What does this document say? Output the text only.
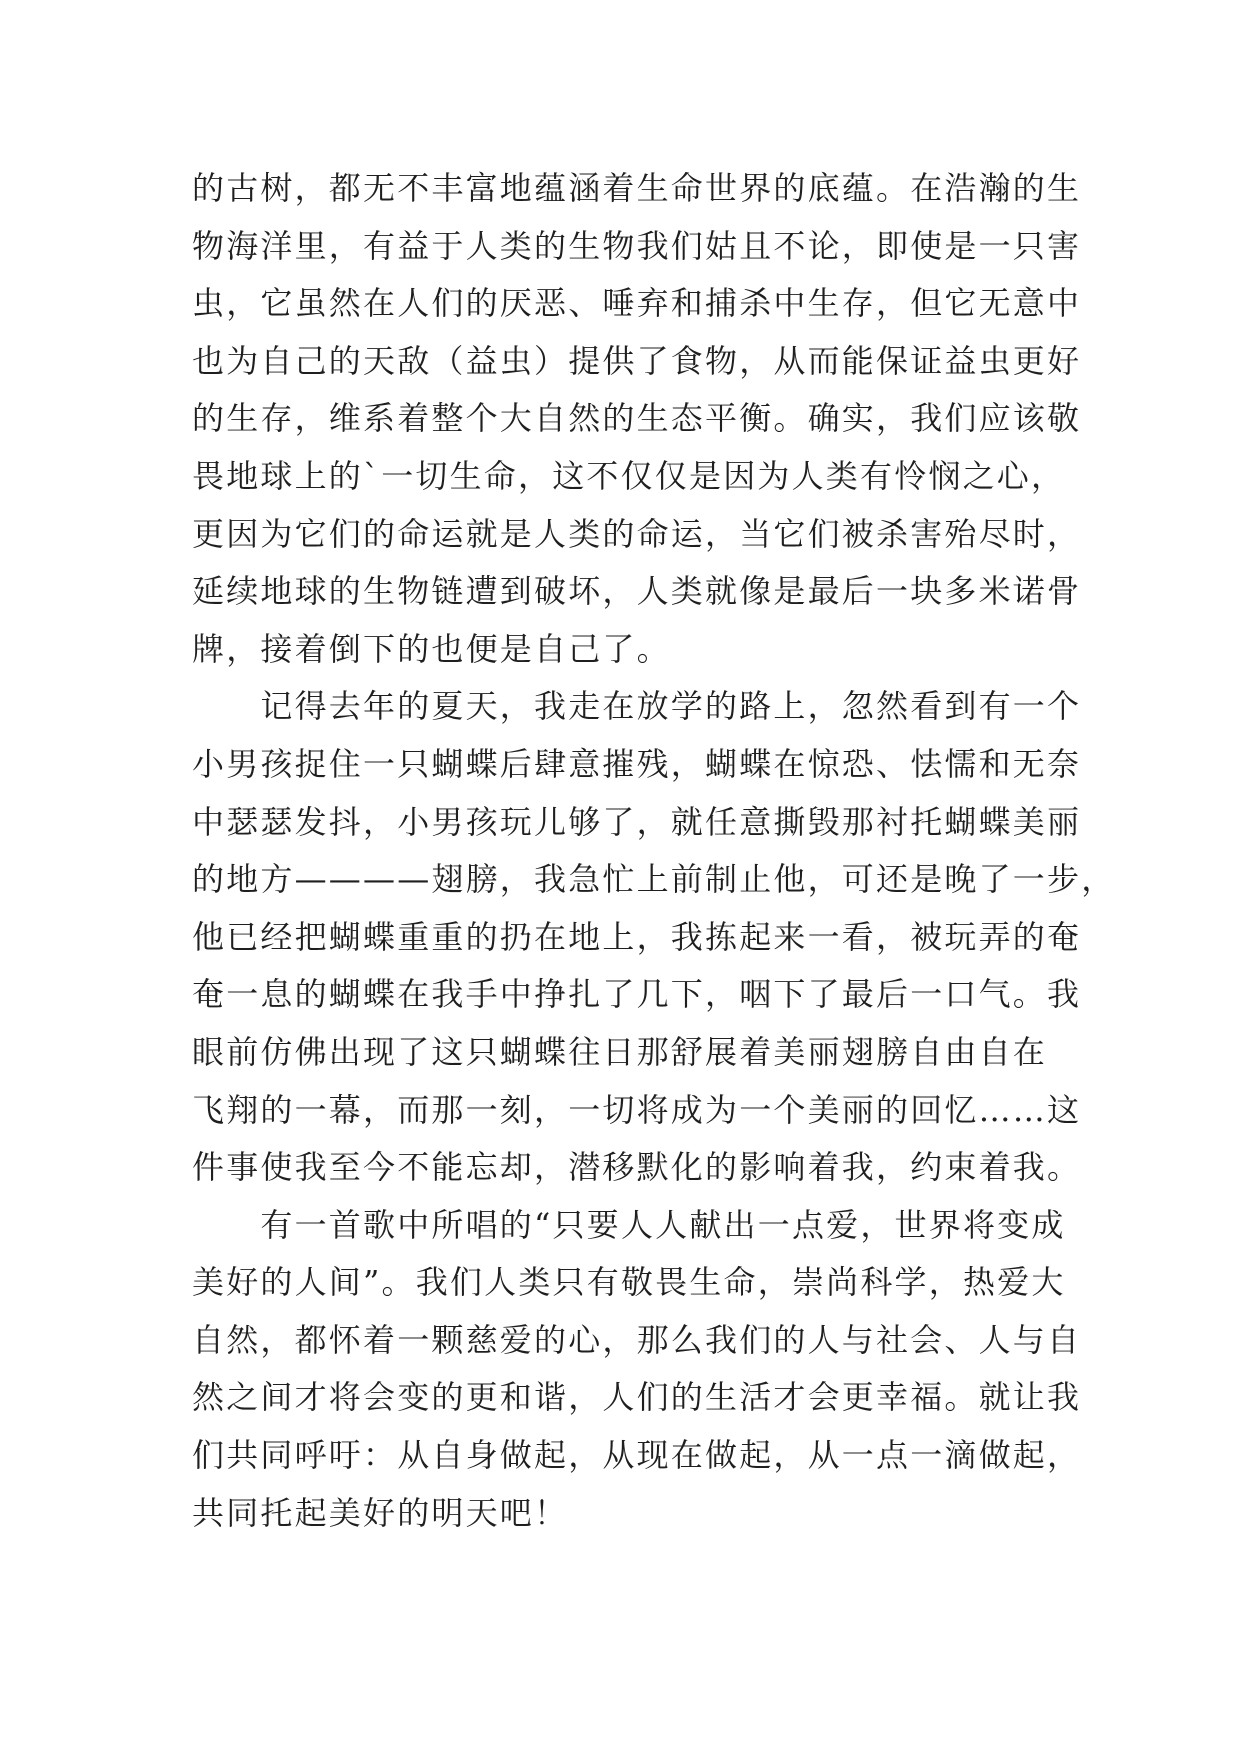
的古树，都无不丰富地蕴涵着生命世界的底蕴。在浩瀚的生
物海洋里，有益于人类的生物我们姑且不论，即使是一只害
虫，它虽然在人们的厌恶、唾弃和捕杀中生存，但它无意中
也为自己的天敌（益虫）提供了食物，从而能保证益虫更好
的生存，维系着整个大自然的生态平衡。确实，我们应该敬
畏地球上的`一切生命，这不仅仅是因为人类有怜悯之心，
更因为它们的命运就是人类的命运，当它们被杀害殆尽时，
延续地球的生物链遭到破坏，人类就像是最后一块多米诺骨
牌，接着倒下的也便是自己了。
　　记得去年的夏天，我走在放学的路上，忽然看到有一个
小男孩捉住一只蝴蝶后肆意摧残，蝴蝶在惊恐、怯懦和无奈
中瑟瑟发抖，小男孩玩儿够了，就任意撕毁那衬托蝴蝶美丽
的地方————翅膀，我急忙上前制止他，可还是晚了一步，
他已经把蝴蝶重重的扔在地上，我拣起来一看，被玩弄的奄
奄一息的蝴蝶在我手中挣扎了几下，咽下了最后一口气。我
眼前仿佛出现了这只蝴蝶往日那舒展着美丽翅膀自由自在
飞翔的一幕，而那一刻，一切将成为一个美丽的回忆……这
件事使我至今不能忘却，潜移默化的影响着我，约束着我。
　　有一首歌中所唱的“只要人人献出一点爱，世界将变成
美好的人间”。我们人类只有敬畏生命，崇尚科学，热爱大
自然，都怀着一颗慈爱的心，那么我们的人与社会、人与自
然之间才将会变的更和谐，人们的生活才会更幸福。就让我
们共同呼吁：从自身做起，从现在做起，从一点一滴做起，
共同托起美好的明天吧！
